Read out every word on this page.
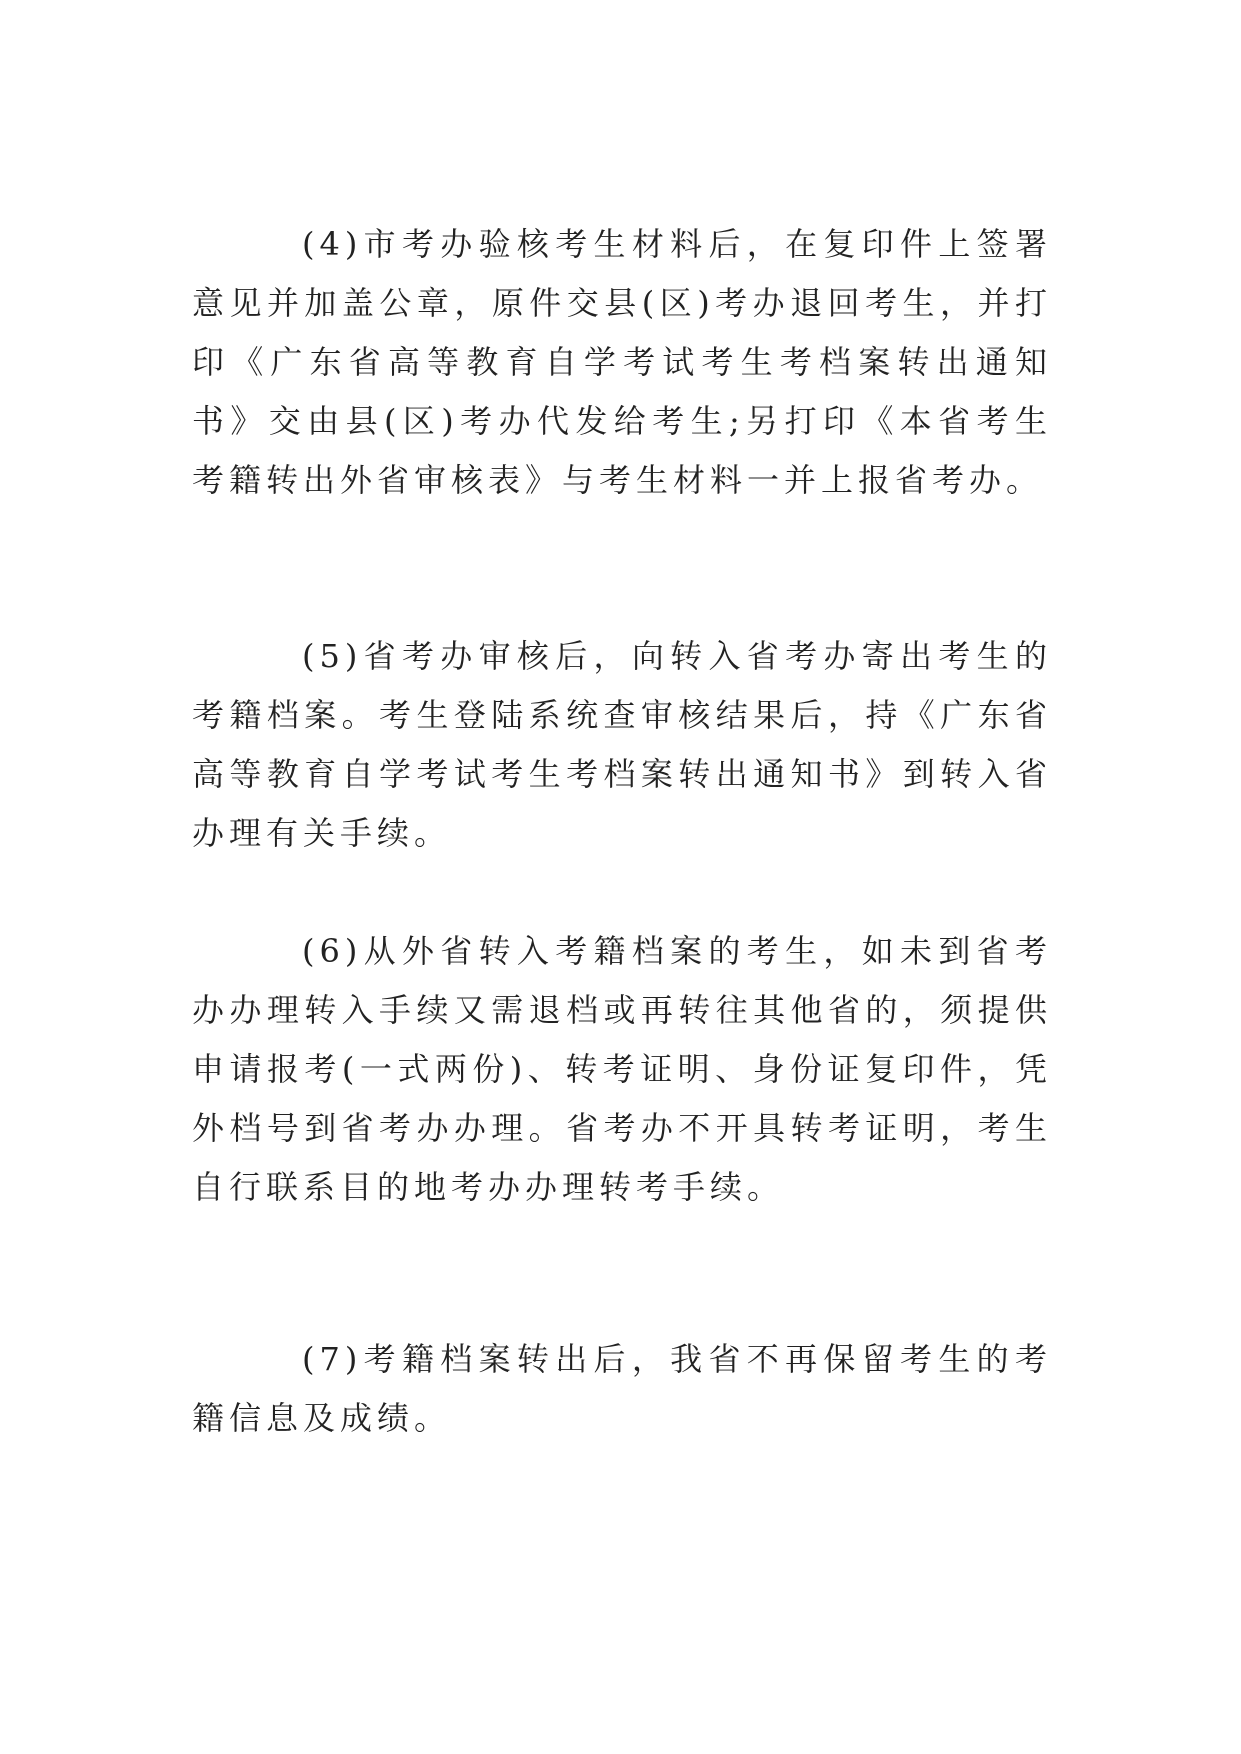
(4)市考办验核考生材料后，在复印件上签署意见并加盖公章，原件交县(区)考办退回考生，并打印《广东省高等教育自学考试考生考档案转出通知书》交由县(区)考办代发给考生;另打印《本省考生考籍转出外省审核表》与考生材料一并上报省考办。

(5)省考办审核后，向转入省考办寄出考生的考籍档案。考生登陆系统查审核结果后，持《广东省高等教育自学考试考生考档案转出通知书》到转入省办理有关手续。

(6)从外省转入考籍档案的考生，如未到省考办办理转入手续又需退档或再转往其他省的，须提供申请报考(一式两份)、转考证明、身份证复印件，凭外档号到省考办办理。省考办不开具转考证明，考生自行联系目的地考办办理转考手续。

(7)考籍档案转出后，我省不再保留考生的考籍信息及成绩。
